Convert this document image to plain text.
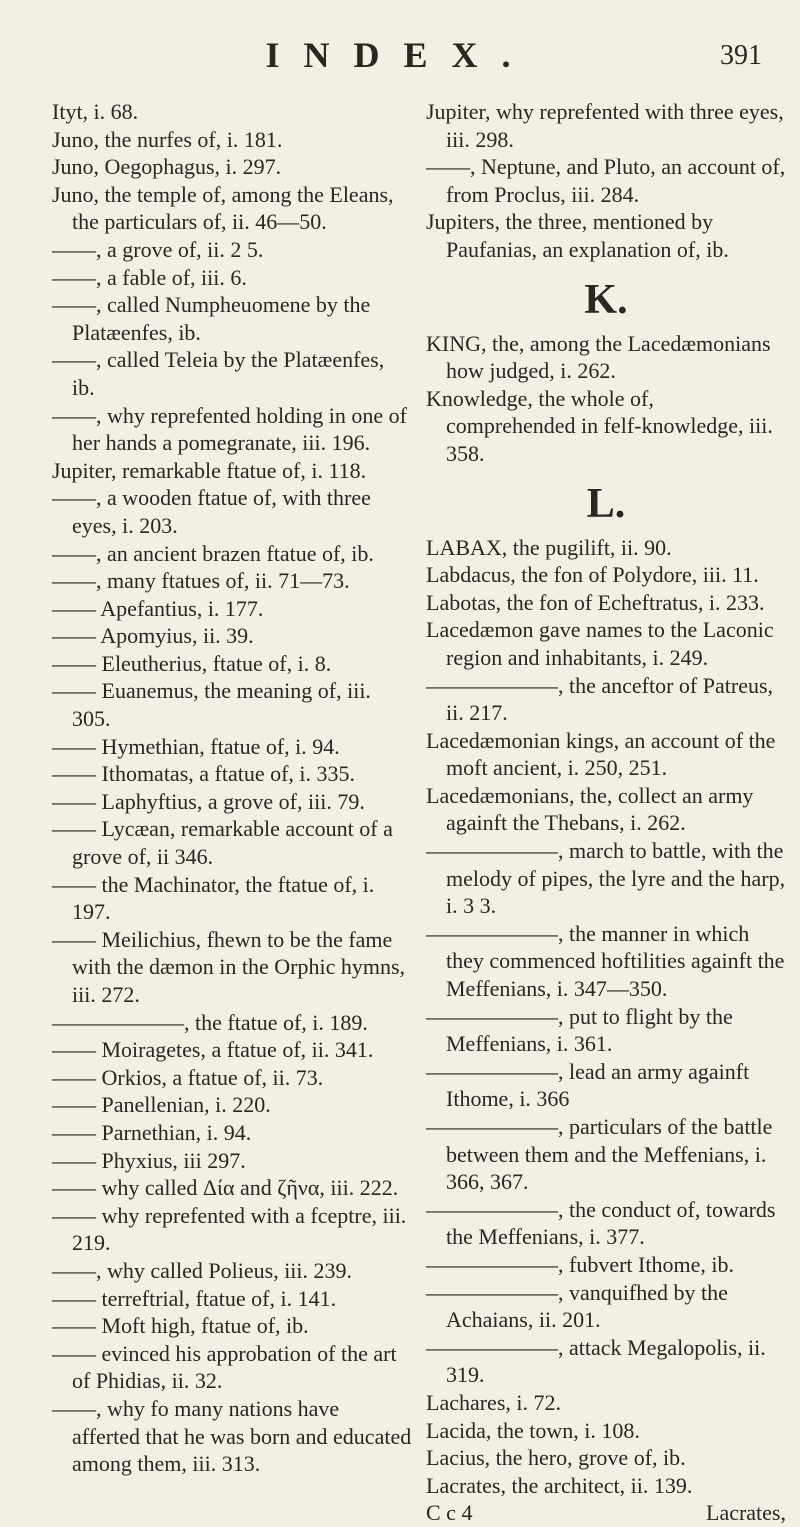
INDEX.	391

Ityt, i. 68.

Juno, the nurfes of, i. 181.

Juno, Oegophagus, i. 297.

Juno, the temple of, among the Eleans, the particulars of, ii. 46—50.

——, a grove of, ii. 2 5.

——, a fable of, iii. 6.

——, called Numpheuomene by the Platæenfes, ib.

——, called Teleia by the Platæenfes, ib.

——, why reprefented holding in one of her hands a pomegranate, iii. 196.

Jupiter, remarkable ftatue of, i. 118.

——, a wooden ftatue of, with three eyes, i. 203.

——, an ancient brazen ftatue of, ib.

——, many ftatues of, ii. 71—73.

—— Apefantius, i. 177.

—— Apomyius, ii. 39.

—— Eleutherius, ftatue of, i. 8.

—— Euanemus, the meaning of, iii. 305.

—— Hymethian, ftatue of, i. 94.

—— Ithomatas, a ftatue of, i. 335.

—— Laphyftius, a grove of, iii. 79.

—— Lycæan, remarkable account of a grove of, ii 346.

—— the Machinator, the ftatue of, i. 197.

—— Meilichius, fhewn to be the fame with the dæmon in the Orphic hymns, iii. 272.

——————, the ftatue of, i. 189.

—— Moiragetes, a ftatue of, ii. 341.

—— Orkios, a ftatue of, ii. 73.

—— Panellenian, i. 220.

—— Parnethian, i. 94.

—— Phyxius, iii 297.

—— why called Δία and ζῆνα, iii. 222.

—— why reprefented with a fceptre, iii. 219.

——, why called Polieus, iii. 239.

—— terreftrial, ftatue of, i. 141.

—— Moft high, ftatue of, ib.

—— evinced his approbation of the art of Phidias, ii. 32.

——, why fo many nations have afferted that he was born and educated among them, iii. 313.

Jupiter, why reprefented with three eyes, iii. 298.

——, Neptune, and Pluto, an account of, from Proclus, iii. 284.

Jupiters, the three, mentioned by Paufanias, an explanation of, ib.

K.

KING, the, among the Lacedæmonians how judged, i. 262.

Knowledge, the whole of, comprehended in felf-knowledge, iii. 358.

L.

LABAX, the pugilift, ii. 90.

Labdacus, the fon of Polydore, iii. 11.

Labotas, the fon of Echeftratus, i. 233.

Lacedæmon gave names to the Laconic region and inhabitants, i. 249.

——————, the anceftor of Patreus, ii. 217.

Lacedæmonian kings, an account of the moft ancient, i. 250, 251.

Lacedæmonians, the, collect an army againft the Thebans, i. 262.

——————, march to battle, with the melody of pipes, the lyre and the harp, i. 3 3.

——————, the manner in which they commenced hoftilities againft the Meffenians, i. 347—350.

——————, put to flight by the Meffenians, i. 361.

——————, lead an army againft Ithome, i. 366

——————, particulars of the battle between them and the Meffenians, i. 366, 367.

——————, the conduct of, towards the Meffenians, i. 377.

——————, fubvert Ithome, ib.

——————, vanquifhed by the Achaians, ii. 201.

——————, attack Megalopolis, ii. 319.

Lachares, i. 72.

Lacida, the town, i. 108.

Lacius, the hero, grove of, ib.

Lacrates, the architect, ii. 139.

C c 4	Lacrates,
